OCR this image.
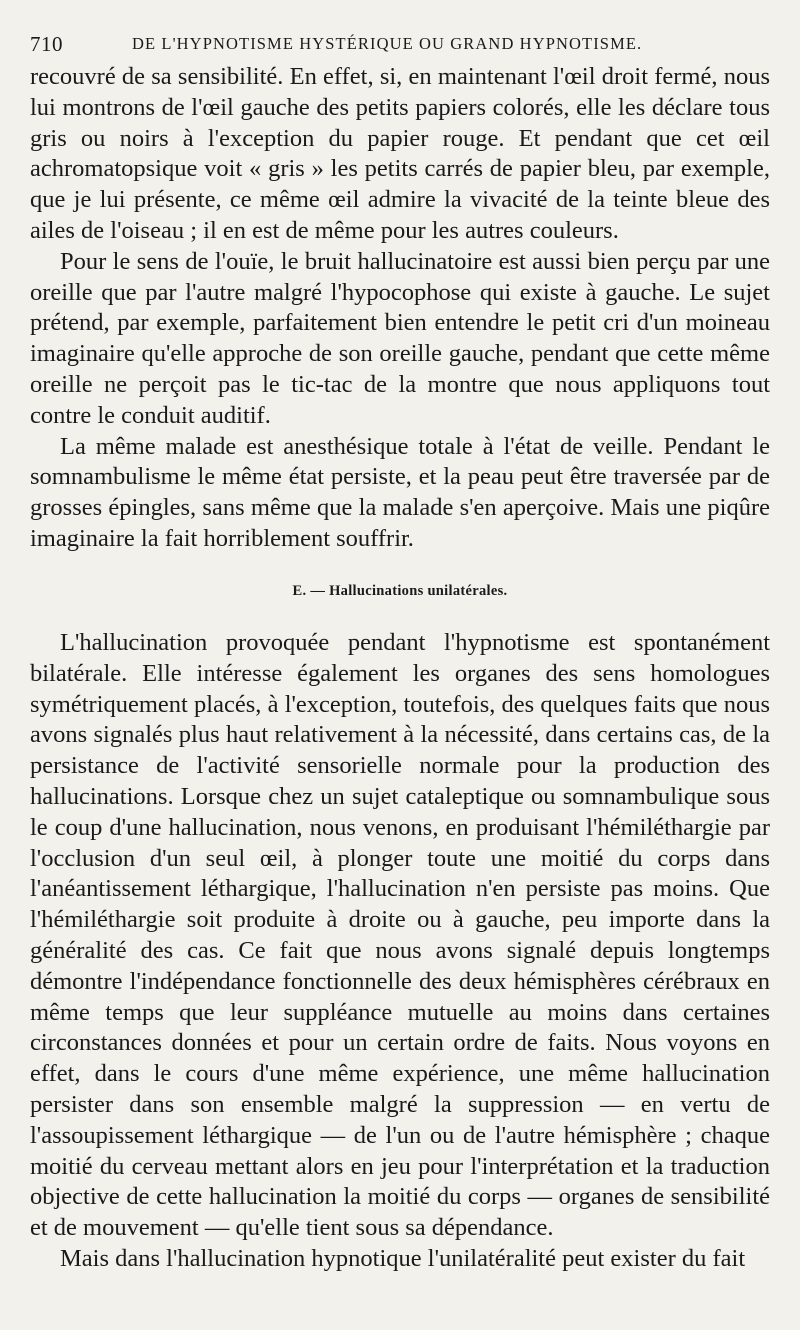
710	DE L'HYPNOTISME HYSTÉRIQUE OU GRAND HYPNOTISME.

recouvré de sa sensibilité. En effet, si, en maintenant l'œil droit fermé, nous lui montrons de l'œil gauche des petits papiers colorés, elle les déclare tous gris ou noirs à l'exception du papier rouge. Et pendant que cet œil achromatopsique voit « gris » les petits carrés de papier bleu, par exemple, que je lui présente, ce même œil admire la vivacité de la teinte bleue des ailes de l'oiseau ; il en est de même pour les autres couleurs.

Pour le sens de l'ouïe, le bruit hallucinatoire est aussi bien perçu par une oreille que par l'autre malgré l'hypocophose qui existe à gauche. Le sujet prétend, par exemple, parfaitement bien entendre le petit cri d'un moineau imaginaire qu'elle approche de son oreille gauche, pendant que cette même oreille ne perçoit pas le tic-tac de la montre que nous appliquons tout contre le conduit auditif.

La même malade est anesthésique totale à l'état de veille. Pendant le somnambulisme le même état persiste, et la peau peut être traversée par de grosses épingles, sans même que la malade s'en aperçoive. Mais une piqûre imaginaire la fait horriblement souffrir.

E. — Hallucinations unilatérales.

L'hallucination provoquée pendant l'hypnotisme est spontanément bilatérale. Elle intéresse également les organes des sens homologues symétriquement placés, à l'exception, toutefois, des quelques faits que nous avons signalés plus haut relativement à la nécessité, dans certains cas, de la persistance de l'activité sensorielle normale pour la production des hallucinations. Lorsque chez un sujet cataleptique ou somnambulique sous le coup d'une hallucination, nous venons, en produisant l'hémiléthargie par l'occlusion d'un seul œil, à plonger toute une moitié du corps dans l'anéantissement léthargique, l'hallucination n'en persiste pas moins. Que l'hémiléthargie soit produite à droite ou à gauche, peu importe dans la généralité des cas. Ce fait que nous avons signalé depuis longtemps démontre l'indépendance fonctionnelle des deux hémisphères cérébraux en même temps que leur suppléance mutuelle au moins dans certaines circonstances données et pour un certain ordre de faits. Nous voyons en effet, dans le cours d'une même expérience, une même hallucination persister dans son ensemble malgré la suppression — en vertu de l'assoupissement léthargique — de l'un ou de l'autre hémisphère ; chaque moitié du cerveau mettant alors en jeu pour l'interprétation et la traduction objective de cette hallucination la moitié du corps — organes de sensibilité et de mouvement — qu'elle tient sous sa dépendance.

Mais dans l'hallucination hypnotique l'unilatéralité peut exister du fait
